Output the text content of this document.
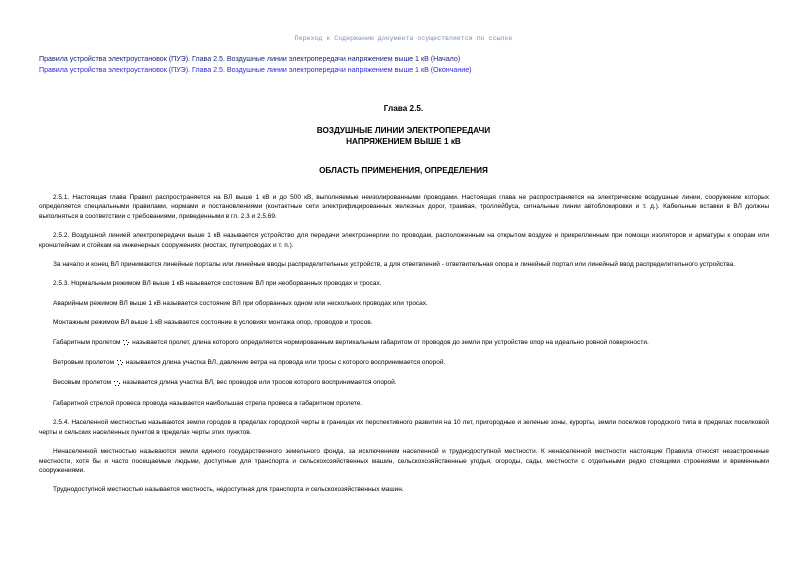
Переход к Содержанию документа осуществляется по ссылке
Правила устройства электроустановок (ПУЭ). Глава 2.5. Воздушные линии электропередачи напряжением выше 1 кВ (Начало)
Правила устройства электроустановок (ПУЭ). Глава 2.5. Воздушные линии электропередачи напряжением выше 1 кВ (Окончание)
Глава 2.5.
ВОЗДУШНЫЕ ЛИНИИ ЭЛЕКТРОПЕРЕДАЧИ
НАПРЯЖЕНИЕМ ВЫШЕ 1 кВ
ОБЛАСТЬ ПРИМЕНЕНИЯ, ОПРЕДЕЛЕНИЯ

2.5.1. Настоящая глава Правил распространяется на ВЛ выше 1 кВ и до 500 кВ, выполняемые неизолированными проводами. Настоящая глава не распространяется на электрические воздушные линии, сооружение которых определяется специальными правилами, нормами и постановлениями (контактные сети электрифицированных железных дорог, трамвая, троллейбуса, сигнальные линии автоблокировки и т. д.). Кабельные вставки в ВЛ должны выполняться в соответствии с требованиями, приведенными в гл. 2.3 и 2.5.69.

2.5.2. Воздушной линией электропередачи выше 1 кВ называется устройство для передачи электроэнергии по проводам, расположенным на открытом воздухе и прикрепленным при помощи изоляторов и арматуры к опорам или кронштейнам и стойкам на инженерных сооружениях (мостах, путепроводах и т. п.).

За начало и конец ВЛ принимаются линейные порталы или линейные вводы распределительных устройств, а для ответвлений - ответвительная опора и линейный портал или линейный ввод распределительного устройства.

2.5.3. Нормальным режимом ВЛ выше 1 кВ называется состояние ВЛ при необорванных проводах и тросах.

Аварийным режимом ВЛ выше 1 кВ называется состояние ВЛ при оборванных одном или нескольких проводах или тросах.

Монтажным режимом ВЛ выше 1 кВ называется состояние в условиях монтажа опор, проводов и тросов.

Габаритным пролетом называется пролет, длина которого определяется нормированным вертикальным габаритом от проводов до земли при устройстве опор на идеально ровной поверхности.

Ветровым пролетом называется длина участка ВЛ, давление ветра на провода или тросы с которого воспринимается опорой.

Весовым пролетом называется длина участка ВЛ, вес проводов или тросов которого воспринимается опорой.

Габаритной стрелой провеса провода называется наибольшая стрела провеса в габаритном пролете.

2.5.4. Населенной местностью называются земли городов в пределах городской черты в границах их перспективного развития на 10 лет, пригородные и зеленые зоны, курорты, земли поселков городского типа в пределах поселковой черты и сельских населенных пунктов в пределах черты этих пунктов.

Ненаселенной местностью называются земли единого государственного земельного фонда, за исключением населенной и труднодоступной местности. К ненаселенной местности настоящие Правила относят незастроенные местности, хотя бы и часто посещаемые людьми, доступные для транспорта и сельскохозяйственных машин, сельскохозяйственные угодья, огороды, сады, местности с отдельными редко стоящими строениями и временными сооружениями.

Труднодоступной местностью называется местность, недоступная для транспорта и сельскохозяйственных машин.
